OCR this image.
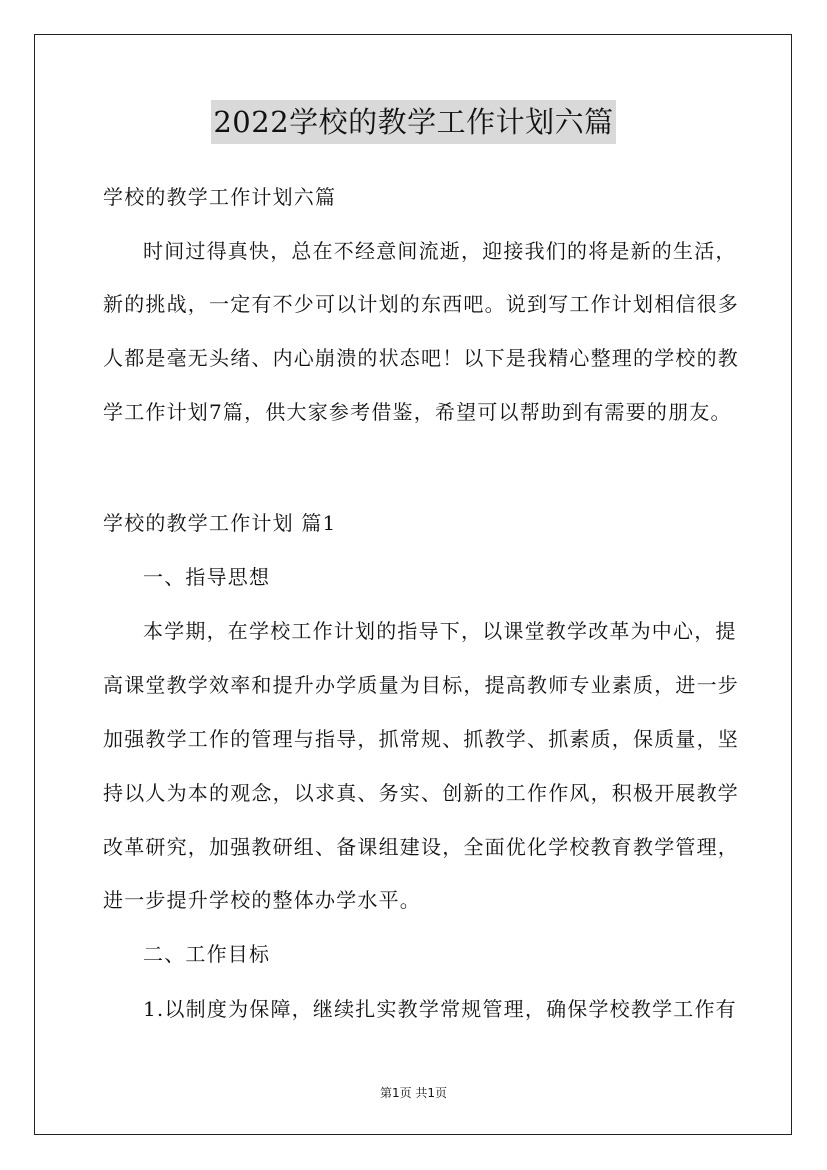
2022学校的教学工作计划六篇
学校的教学工作计划六篇
时间过得真快，总在不经意间流逝，迎接我们的将是新的生活，
新的挑战，一定有不少可以计划的东西吧。说到写工作计划相信很多
人都是毫无头绪、内心崩溃的状态吧！以下是我精心整理的学校的教
学工作计划7篇，供大家参考借鉴，希望可以帮助到有需要的朋友。
学校的教学工作计划 篇1
一、指导思想
本学期，在学校工作计划的指导下，以课堂教学改革为中心，提
高课堂教学效率和提升办学质量为目标，提高教师专业素质，进一步
加强教学工作的管理与指导，抓常规、抓教学、抓素质，保质量，坚
持以人为本的观念，以求真、务实、创新的工作作风，积极开展教学
改革研究，加强教研组、备课组建设，全面优化学校教育教学管理，
进一步提升学校的整体办学水平。
二、工作目标
1.以制度为保障，继续扎实教学常规管理，确保学校教学工作有
第1页 共1页
